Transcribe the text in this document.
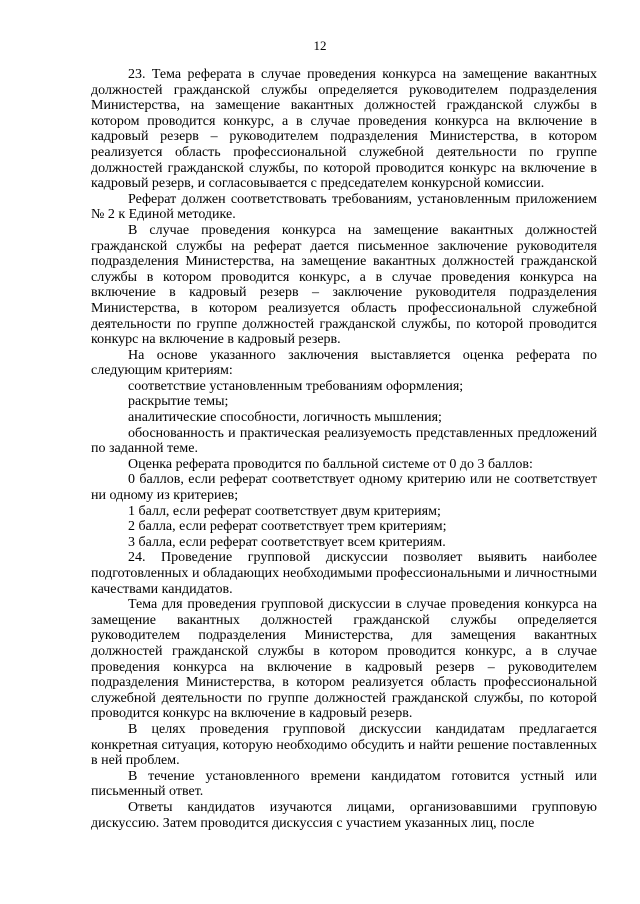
12

23. Тема реферата в случае проведения конкурса на замещение вакантных должностей гражданской службы определяется руководителем подразделения Министерства, на замещение вакантных должностей гражданской службы в котором проводится конкурс, а в случае проведения конкурса на включение в кадровый резерв – руководителем подразделения Министерства, в котором реализуется область профессиональной служебной деятельности по группе должностей гражданской службы, по которой проводится конкурс на включение в кадровый резерв, и согласовывается с председателем конкурсной комиссии.

Реферат должен соответствовать требованиям, установленным приложением № 2 к Единой методике.

В случае проведения конкурса на замещение вакантных должностей гражданской службы на реферат дается письменное заключение руководителя подразделения Министерства, на замещение вакантных должностей гражданской службы в котором проводится конкурс, а в случае проведения конкурса на включение в кадровый резерв – заключение руководителя подразделения Министерства, в котором реализуется область профессиональной служебной деятельности по группе должностей гражданской службы, по которой проводится конкурс на включение в кадровый резерв.

На основе указанного заключения выставляется оценка реферата по следующим критериям:

соответствие установленным требованиям оформления;

раскрытие темы;

аналитические способности, логичность мышления;

обоснованность и практическая реализуемость представленных предложений по заданной теме.

Оценка реферата проводится по балльной системе от 0 до 3 баллов:

0 баллов, если реферат соответствует одному критерию или не соответствует ни одному из критериев;

1 балл, если реферат соответствует двум критериям;

2 балла, если реферат соответствует трем критериям;

3 балла, если реферат соответствует всем критериям.

24. Проведение групповой дискуссии позволяет выявить наиболее подготовленных и обладающих необходимыми профессиональными и личностными качествами кандидатов.

Тема для проведения групповой дискуссии в случае проведения конкурса на замещение вакантных должностей гражданской службы определяется руководителем подразделения Министерства, для замещения вакантных должностей гражданской службы в котором проводится конкурс, а в случае проведения конкурса на включение в кадровый резерв – руководителем подразделения Министерства, в котором реализуется область профессиональной служебной деятельности по группе должностей гражданской службы, по которой проводится конкурс на включение в кадровый резерв.

В целях проведения групповой дискуссии кандидатам предлагается конкретная ситуация, которую необходимо обсудить и найти решение поставленных в ней проблем.

В течение установленного времени кандидатом готовится устный или письменный ответ.

Ответы кандидатов изучаются лицами, организовавшими групповую дискуссию. Затем проводится дискуссия с участием указанных лиц, после
